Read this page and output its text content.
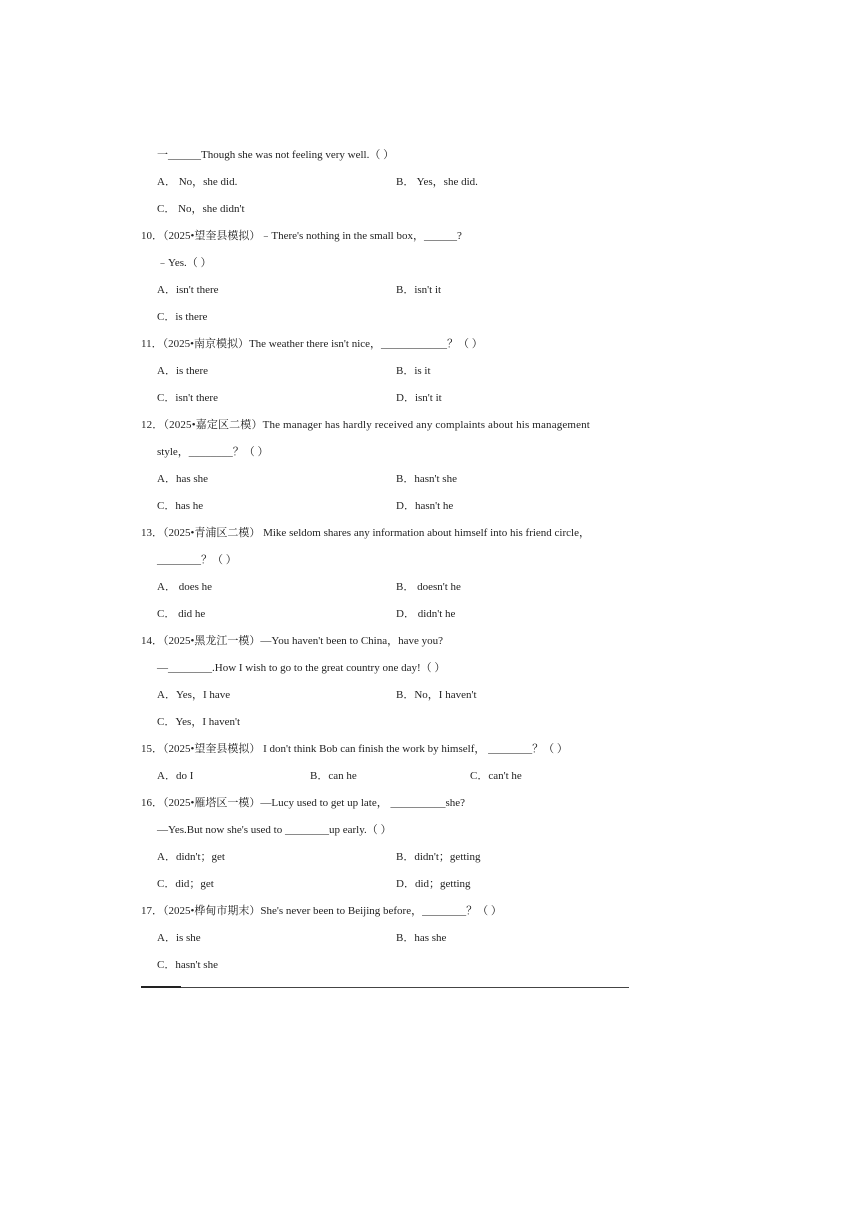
一______Though she was not feeling very well.（ ）
A． No，she did.	B． Yes，she did.
C． No，she didn't
10．（2025•望奎县模拟）﹣There's nothing in the small box，______?
﹣Yes.（ ）
A．isn't there	B．isn't it
C．is there
11．（2025•南京模拟）The weather there isn't nice，____________？（ ）
A．is there	B．is it
C．isn't there	D．isn't it
12．（2025•嘉定区二模）The manager has hardly received any complaints about his management
style，________？（ ）
A．has she	B．hasn't she
C．has he	D．hasn't he
13．（2025•青浦区二模） Mike seldom shares any information about himself into his friend circle，
________？（ ）
A． does he	B． doesn't he
C． did he	D． didn't he
14．（2025•黑龙江一模）—You haven't been to China，have you?
—________.How I wish to go to the great country one day!（ ）
A．Yes，I have	B．No，I haven't
C．Yes，I haven't
15．（2025•望奎县模拟） I don't think Bob can finish the work by himself， ________？（ ）
A．do I	B．can he	C．can't he
16．（2025•雁塔区一模）—Lucy used to get up late， __________she?
—Yes.But now she's used to ________up early.（ ）
A．didn't；get	B．didn't；getting
C．did；get	D．did；getting
17．（2025•桦甸市期末）She's never been to Beijing before，________？（ ）
A．is she	B．has she
C．hasn't she
